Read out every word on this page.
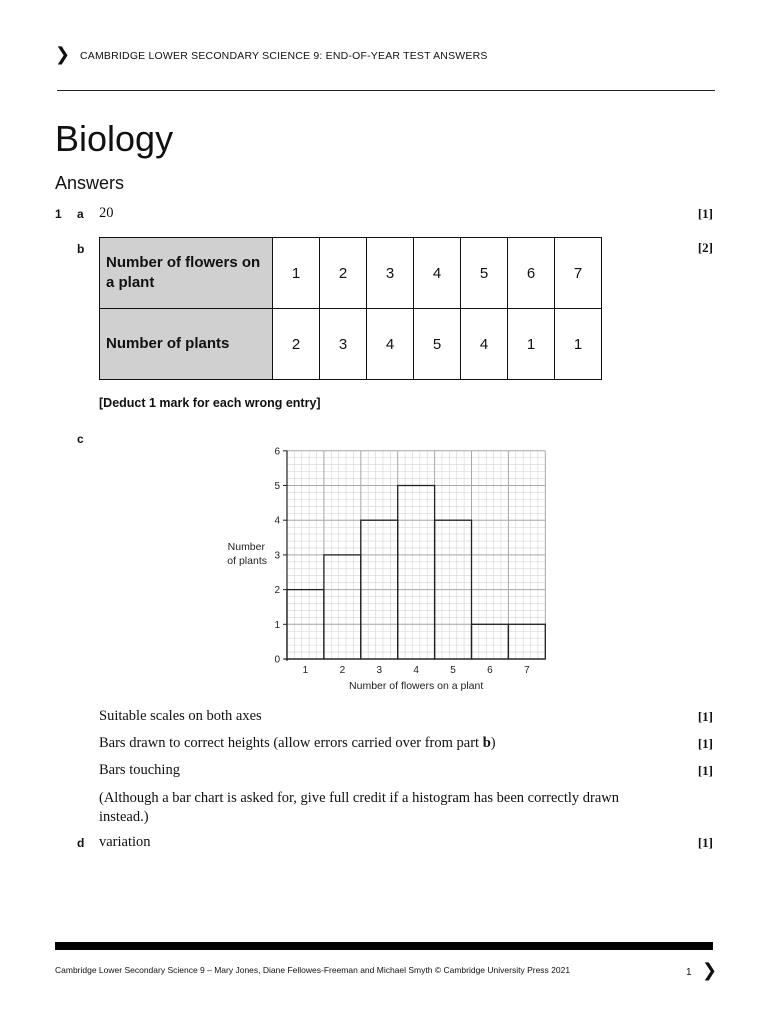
❯ CAMBRIDGE LOWER SECONDARY SCIENCE 9: END-OF-YEAR TEST ANSWERS
Biology
Answers
1 a 20	[1]
b	[2]
Number of flowers on a plant	1	2	3	4	5	6	7
Number of plants	2	3	4	5	4	1	1
[Deduct 1 mark for each wrong entry]
c
0
1
2
3
4
5
6
1	2	3	4	5	6	7
Number of flowers on a plant
Number
of plants
Suitable scales on both axes	[1]
Bars drawn to correct heights (allow errors carried over from part b)	[1]
Bars touching	[1]
(Although a bar chart is asked for, give full credit if a histogram has been correctly drawn instead.)
d variation	[1]
Cambridge Lower Secondary Science 9 – Mary Jones, Diane Fellowes-Freeman and Michael Smyth © Cambridge University Press 2021	1 ❯
